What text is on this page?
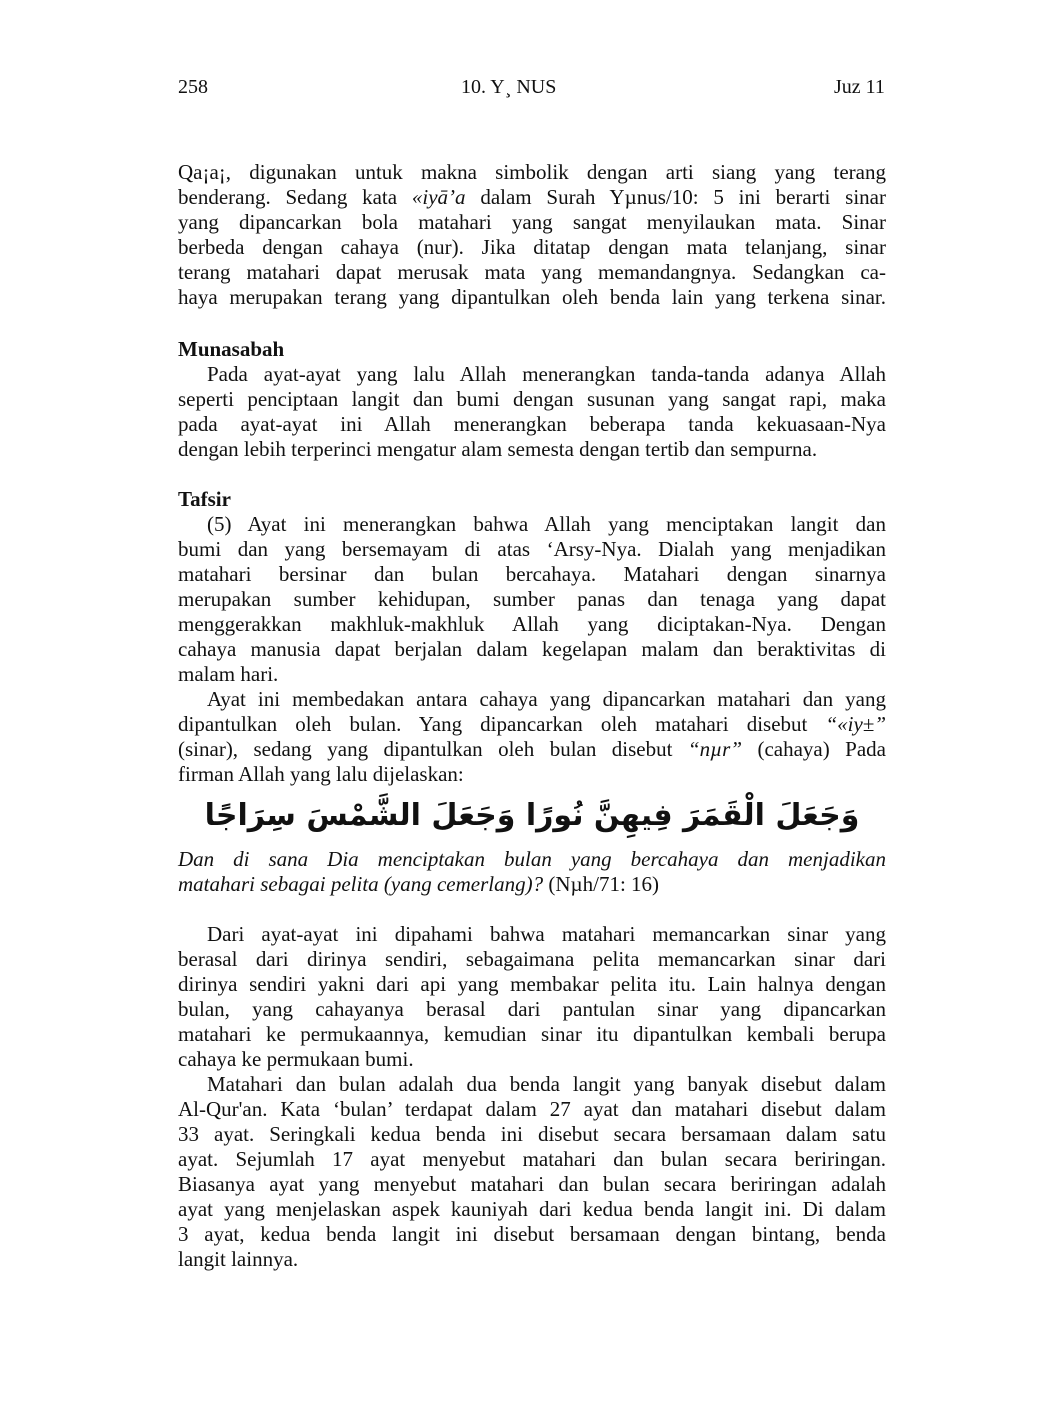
258	10. Y¸ NUS	Juz 11
Qa¡a¡, digunakan untuk makna simbolik dengan arti siang yang terang
benderang. Sedang kata «iyā’a dalam Surah Yµnus/10: 5 ini berarti sinar
yang dipancarkan bola matahari yang sangat menyilaukan mata. Sinar
berbeda dengan cahaya (nur). Jika ditatap dengan mata telanjang, sinar
terang matahari dapat merusak mata yang memandangnya. Sedangkan ca-
haya merupakan terang yang dipantulkan oleh benda lain yang terkena sinar.
Munasabah
Pada ayat-ayat yang lalu Allah menerangkan tanda-tanda adanya Allah
seperti penciptaan langit dan bumi dengan susunan yang sangat rapi, maka
pada ayat-ayat ini Allah menerangkan beberapa tanda kekuasaan-Nya
dengan lebih terperinci mengatur alam semesta dengan tertib dan sempurna.
Tafsir
(5) Ayat ini menerangkan bahwa Allah yang menciptakan langit dan
bumi dan yang bersemayam di atas ‘Arsy-Nya. Dialah yang menjadikan
matahari bersinar dan bulan bercahaya. Matahari dengan sinarnya
merupakan sumber kehidupan, sumber panas dan tenaga yang dapat
menggerakkan makhluk-makhluk Allah yang diciptakan-Nya. Dengan
cahaya manusia dapat berjalan dalam kegelapan malam dan beraktivitas di
malam hari.
Ayat ini membedakan antara cahaya yang dipancarkan matahari dan yang
dipantulkan oleh bulan. Yang dipancarkan oleh matahari disebut “«iy±”
(sinar), sedang yang dipantulkan oleh bulan disebut “nµr” (cahaya) Pada
firman Allah yang lalu dijelaskan:
وَجَعَلَ الْقَمَرَ فِيهِنَّ نُورًا وَجَعَلَ الشَّمْسَ سِرَاجًا
Dan di sana Dia menciptakan bulan yang bercahaya dan menjadikan
matahari sebagai pelita (yang cemerlang)? (Nµh/71: 16)
Dari ayat-ayat ini dipahami bahwa matahari memancarkan sinar yang
berasal dari dirinya sendiri, sebagaimana pelita memancarkan sinar dari
dirinya sendiri yakni dari api yang membakar pelita itu. Lain halnya dengan
bulan, yang cahayanya berasal dari pantulan sinar yang dipancarkan
matahari ke permukaannya, kemudian sinar itu dipantulkan kembali berupa
cahaya ke permukaan bumi.
Matahari dan bulan adalah dua benda langit yang banyak disebut dalam
Al-Qur'an. Kata ‘bulan’ terdapat dalam 27 ayat dan matahari disebut dalam
33 ayat. Seringkali kedua benda ini disebut secara bersamaan dalam satu
ayat. Sejumlah 17 ayat menyebut matahari dan bulan secara beriringan.
Biasanya ayat yang menyebut matahari dan bulan secara beriringan adalah
ayat yang menjelaskan aspek kauniyah dari kedua benda langit ini. Di dalam
3 ayat, kedua benda langit ini disebut bersamaan dengan bintang, benda
langit lainnya.
